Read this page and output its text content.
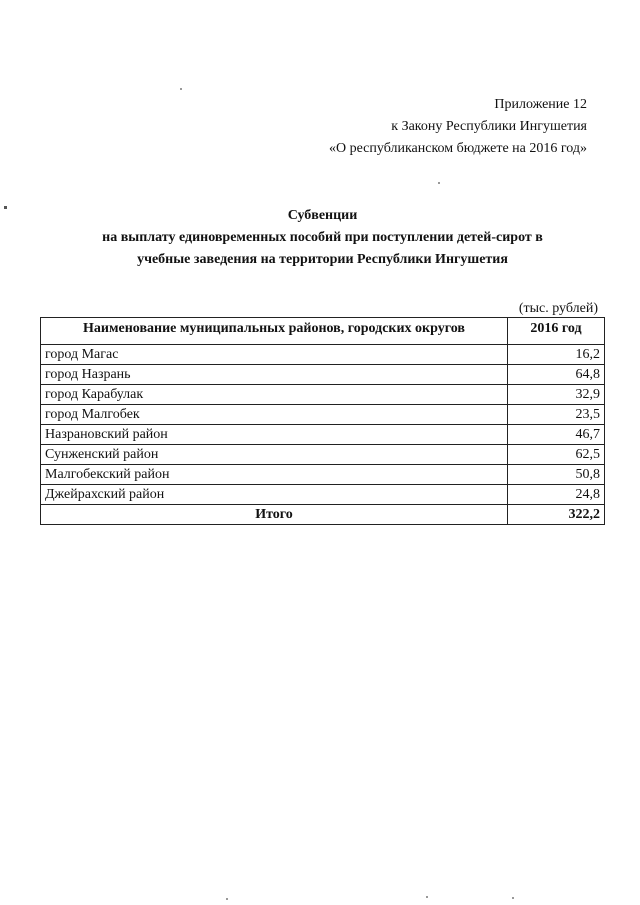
Приложение 12
к Закону Республики Ингушетия
«О республиканском бюджете на 2016 год»
Субвенции
на выплату единовременных пособий при поступлении детей-сирот в
учебные заведения на территории Республики Ингушетия
(тыс. рублей)
Наименование муниципальных районов, городских округов	2016 год
город Магас	16,2
город Назрань	64,8
город Карабулак	32,9
город Малгобек	23,5
Назрановский район	46,7
Сунженский район	62,5
Малгобекский район	50,8
Джейрахский район	24,8
Итого	322,2
